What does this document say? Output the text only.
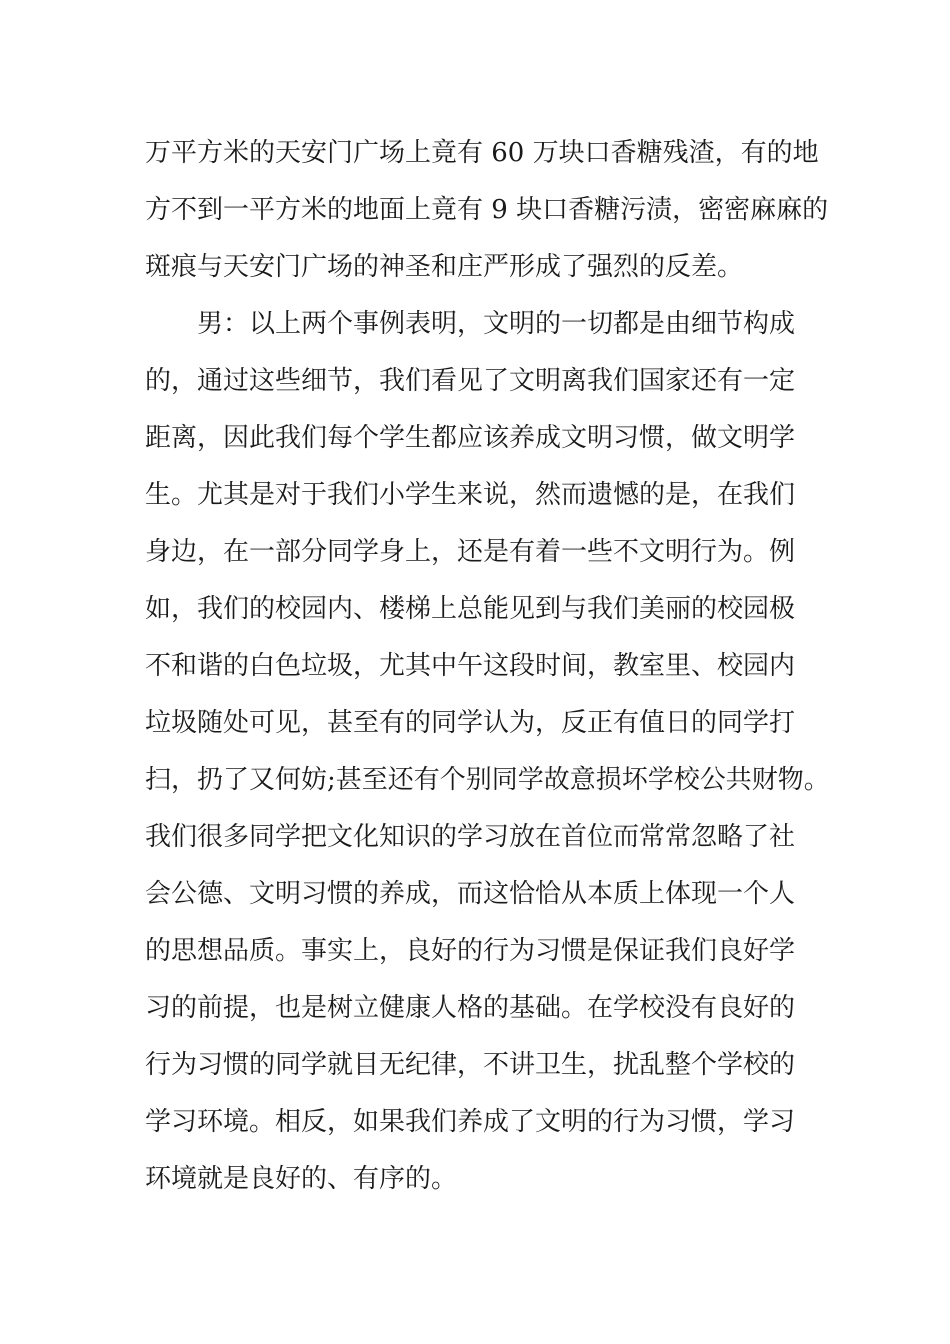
万平方米的天安门广场上竟有 60 万块口香糖残渣，有的地
方不到一平方米的地面上竟有 9 块口香糖污渍，密密麻麻的
斑痕与天安门广场的神圣和庄严形成了强烈的反差。
　　男：以上两个事例表明，文明的一切都是由细节构成
的，通过这些细节，我们看见了文明离我们国家还有一定
距离，因此我们每个学生都应该养成文明习惯，做文明学
生。尤其是对于我们小学生来说，然而遗憾的是，在我们
身边，在一部分同学身上，还是有着一些不文明行为。例
如，我们的校园内、楼梯上总能见到与我们美丽的校园极
不和谐的白色垃圾，尤其中午这段时间，教室里、校园内
垃圾随处可见，甚至有的同学认为，反正有值日的同学打
扫，扔了又何妨;甚至还有个别同学故意损坏学校公共财物。
我们很多同学把文化知识的学习放在首位而常常忽略了社
会公德、文明习惯的养成，而这恰恰从本质上体现一个人
的思想品质。事实上，良好的行为习惯是保证我们良好学
习的前提，也是树立健康人格的基础。在学校没有良好的
行为习惯的同学就目无纪律，不讲卫生，扰乱整个学校的
学习环境。相反，如果我们养成了文明的行为习惯，学习
环境就是良好的、有序的。
